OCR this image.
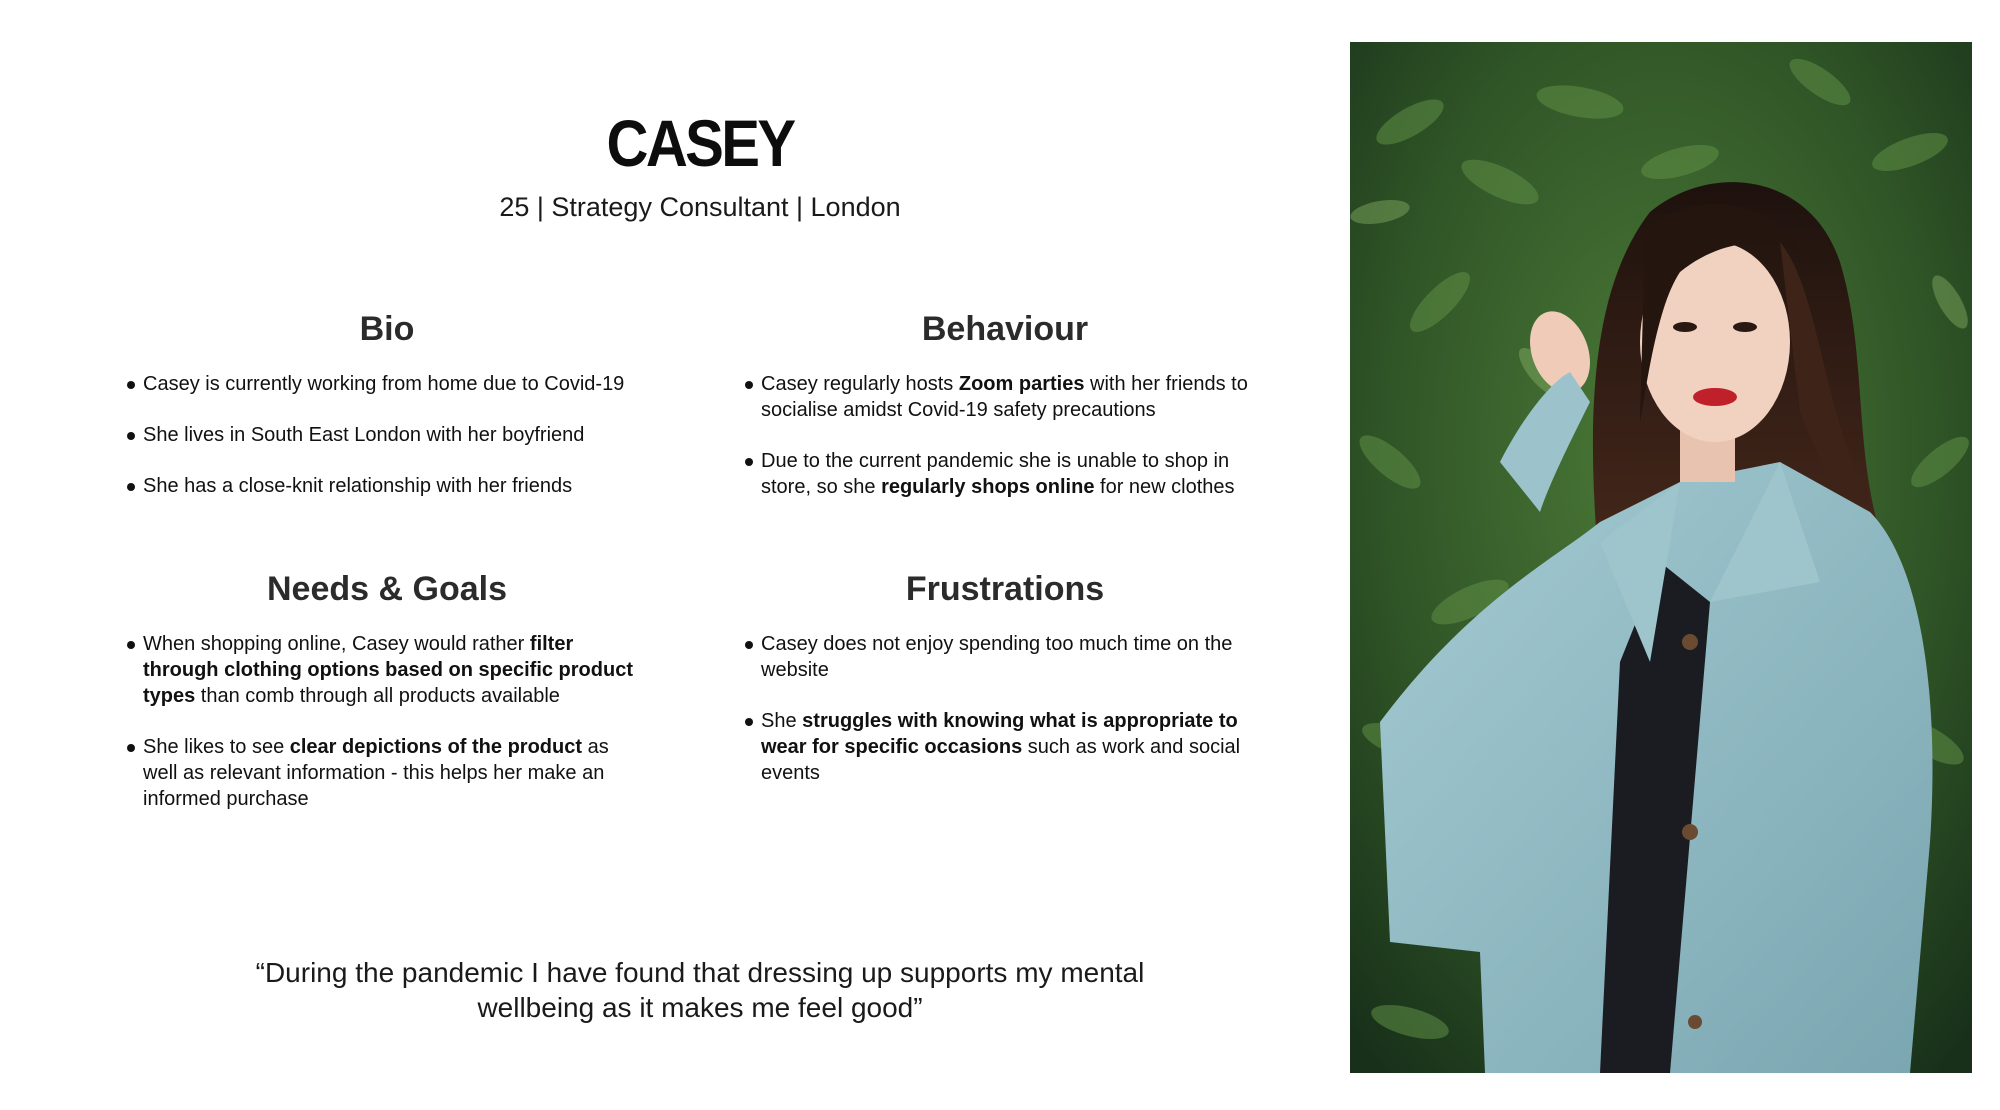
CASEY
25 | Strategy Consultant | London
Bio
Casey is currently working from home due to Covid-19
She lives in South East London with her boyfriend
She has a close-knit relationship with her friends
Behaviour
Casey regularly hosts Zoom parties with her friends to socialise amidst Covid-19 safety precautions
Due to the current pandemic she is unable to shop in store, so she regularly shops online for new clothes
Needs & Goals
When shopping online, Casey would rather filter through clothing options based on specific product types than comb through all products available
She likes to see clear depictions of the product as well as relevant information - this helps her make an informed purchase
Frustrations
Casey does not enjoy spending too much time on the website
She struggles with knowing what is appropriate to wear for specific occasions such as work and social events
“During the pandemic I have found that dressing up supports my mental
wellbeing as it makes me feel good”
